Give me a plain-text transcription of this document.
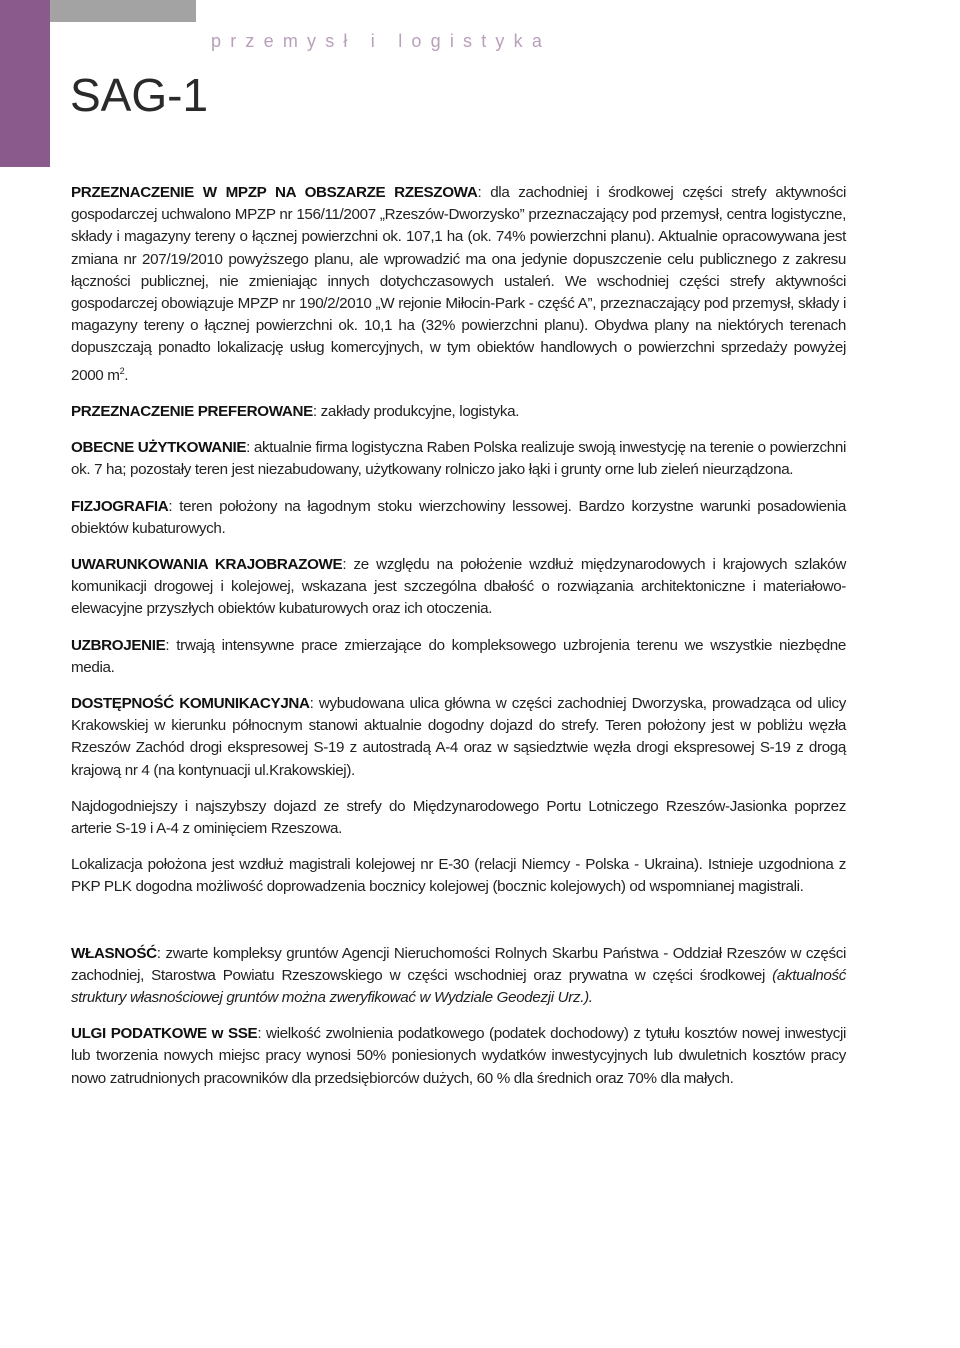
SAG-1
przemysł i logistyka

PRZEZNACZENIE W MPZP NA OBSZARZE RZESZOWA: dla zachodniej i środkowej części strefy aktywności gospodarczej uchwalono MPZP nr 156/11/2007 „Rzeszów-Dworzysko” przeznaczający pod przemysł, centra logistyczne, składy i magazyny tereny o łącznej powierzchni ok. 107,1 ha (ok. 74% powierzchni planu). Aktualnie opracowywana jest zmiana nr 207/19/2010 powyższego planu, ale wprowadzić ma ona jedynie dopuszczenie celu publicznego z zakresu łączności publicznej, nie zmieniając innych dotychczasowych ustaleń. We wschodniej części strefy aktywności gospodarczej obowiązuje MPZP nr 190/2/2010 „W rejonie Miłocin-Park - część A”, przeznaczający pod przemysł, składy i magazyny tereny o łącznej powierzchni ok. 10,1 ha (32% powierzchni planu). Obydwa plany na niektórych terenach dopuszczają ponadto lokalizację usług komercyjnych, w tym obiektów handlowych o powierzchni sprzedaży powyżej 2000 $m^2$.

PRZEZNACZENIE PREFEROWANE: zakłady produkcyjne, logistyka.

OBECNE UŻYTKOWANIE: aktualnie firma logistyczna Raben Polska realizuje swoją inwestycję na terenie o powierzchni ok. 7 ha; pozostały teren jest niezabudowany, użytkowany rolniczo jako łąki i grunty orne lub zieleń nieurządzona.

FIZJOGRAFIA: teren położony na łagodnym stoku wierzchowiny lessowej. Bardzo korzystne warunki posadowienia obiektów kubaturowych.

UWARUNKOWANIA KRAJOBRAZOWE: ze względu na położenie wzdłuż międzynarodowych i krajowych szlaków komunikacji drogowej i kolejowej, wskazana jest szczególna dbałość o rozwiązania architektoniczne i materiałowo-elewacyjne przyszłych obiektów kubaturowych oraz ich otoczenia.

UZBROJENIE: trwają intensywne prace zmierzające do kompleksowego uzbrojenia terenu we wszystkie niezbędne media.

DOSTĘPNOŚĆ KOMUNIKACYJNA: wybudowana ulica główna w części zachodniej Dworzyska, prowadząca od ulicy Krakowskiej w kierunku północnym stanowi aktualnie dogodny dojazd do strefy. Teren położony jest w pobliżu węzła Rzeszów Zachód drogi ekspresowej S-19 z autostradą A-4 oraz w sąsiedztwie węzła drogi ekspresowej S-19 z drogą krajową nr 4 (na kontynuacji ul.Krakowskiej).

Najdogodniejszy i najszybszy dojazd ze strefy do Międzynarodowego Portu Lotniczego Rzeszów-Jasionka poprzez arterie S-19 i A-4 z ominięciem Rzeszowa.

Lokalizacja położona jest wzdłuż magistrali kolejowej nr E-30 (relacji Niemcy - Polska - Ukraina). Istnieje uzgodniona z PKP PLK dogodna możliwość doprowadzenia bocznicy kolejowej (bocznic kolejowych) od wspomnianej magistrali.

WŁASNOŚĆ: zwarte kompleksy gruntów Agencji Nieruchomości Rolnych Skarbu Państwa - Oddział Rzeszów w części zachodniej, Starostwa Powiatu Rzeszowskiego w części wschodniej oraz prywatna w części środkowej (aktualność struktury własnościowej gruntów można zweryfikować w Wydziale Geodezji Urz.).

ULGI PODATKOWE w SSE: wielkość zwolnienia podatkowego (podatek dochodowy) z tytułu kosztów nowej inwestycji lub tworzenia nowych miejsc pracy wynosi 50% poniesionych wydatków inwestycyjnych lub dwuletnich kosztów pracy nowo zatrudnionych pracowników dla przedsiębiorców dużych, 60 % dla średnich oraz 70% dla małych.
